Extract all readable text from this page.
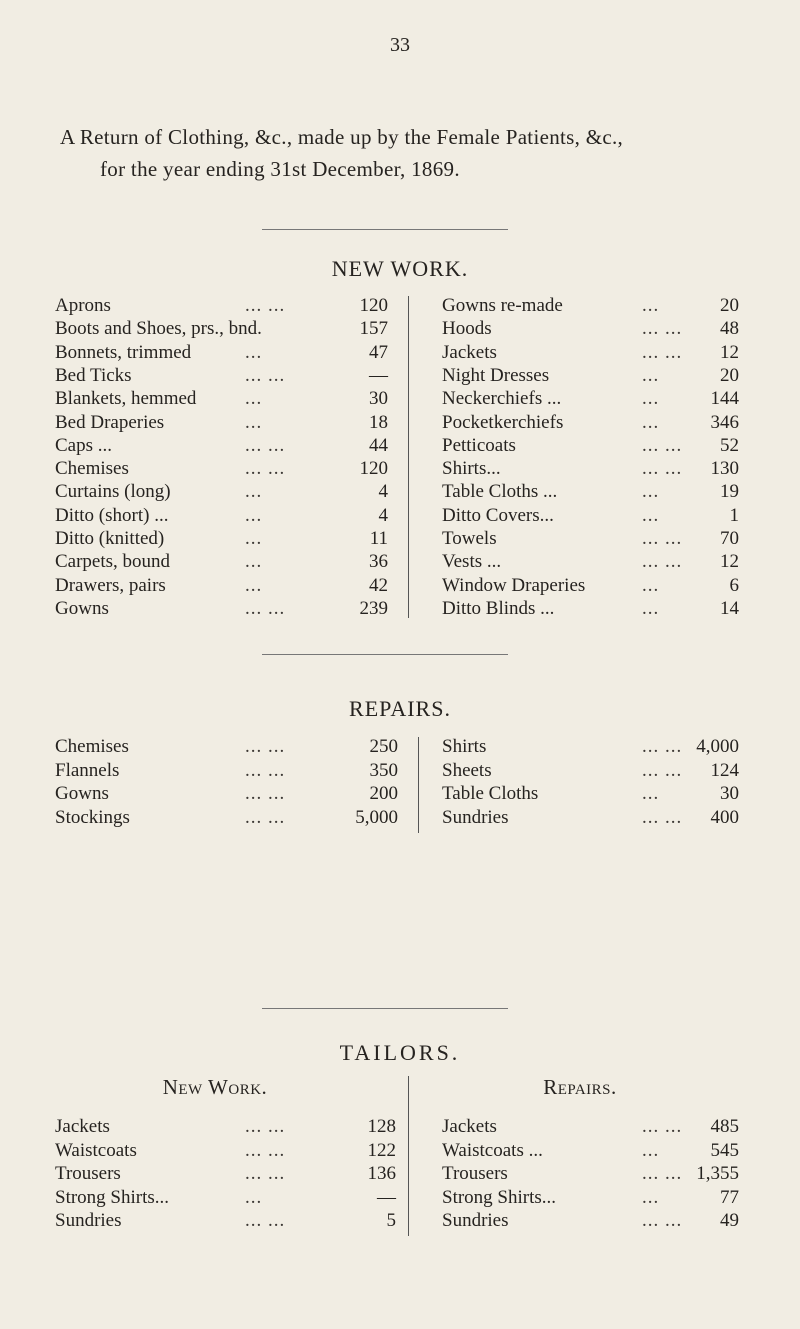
33
A Return of Clothing, &c., made up by the Female Patients, &c.,
for the year ending 31st December, 1869.
NEW WORK.
Aprons	... ...	120
Boots and Shoes, prs., bnd.	157
Bonnets, trimmed	...	47
Bed Ticks	... ...	—
Blankets, hemmed	...	30
Bed Draperies	...	18
Caps ...	... ...	44
Chemises	... ...	120
Curtains (long)	...	4
Ditto (short) ...	...	4
Ditto (knitted)	...	11
Carpets, bound	...	36
Drawers, pairs	...	42
Gowns	... ...	239
Gowns re-made	...	20
Hoods	... ... 48
Jackets	... ... 12
Night Dresses	...	20
Neckerchiefs ...	...	144
Pocketkerchiefs	...	346
Petticoats	... ... 52
Shirts...	... ... 130
Table Cloths ...	...	19
Ditto Covers...	...	1
Towels	... ... 70
Vests ...	... ... 12
Window Draperies	...	6
Ditto Blinds ...	...	14
REPAIRS.
Chemises	... ...	250
Flannels	... ...	350
Gowns	... ...	200
Stockings	... ...	5,000
Shirts	... ... 4,000
Sheets	... ... 124
Table Cloths	...	30
Sundries	... ... 400
TAILORS.
New Work.	Repairs.
Jackets	... ...	128
Waistcoats	... ...	122
Trousers	... ...	136
Strong Shirts...	...	—
Sundries	... ...	5
Jackets	... ... 485
Waistcoats ...	...	545
Trousers	... ... 1,355
Strong Shirts...	...	77
Sundries	... ... 49
